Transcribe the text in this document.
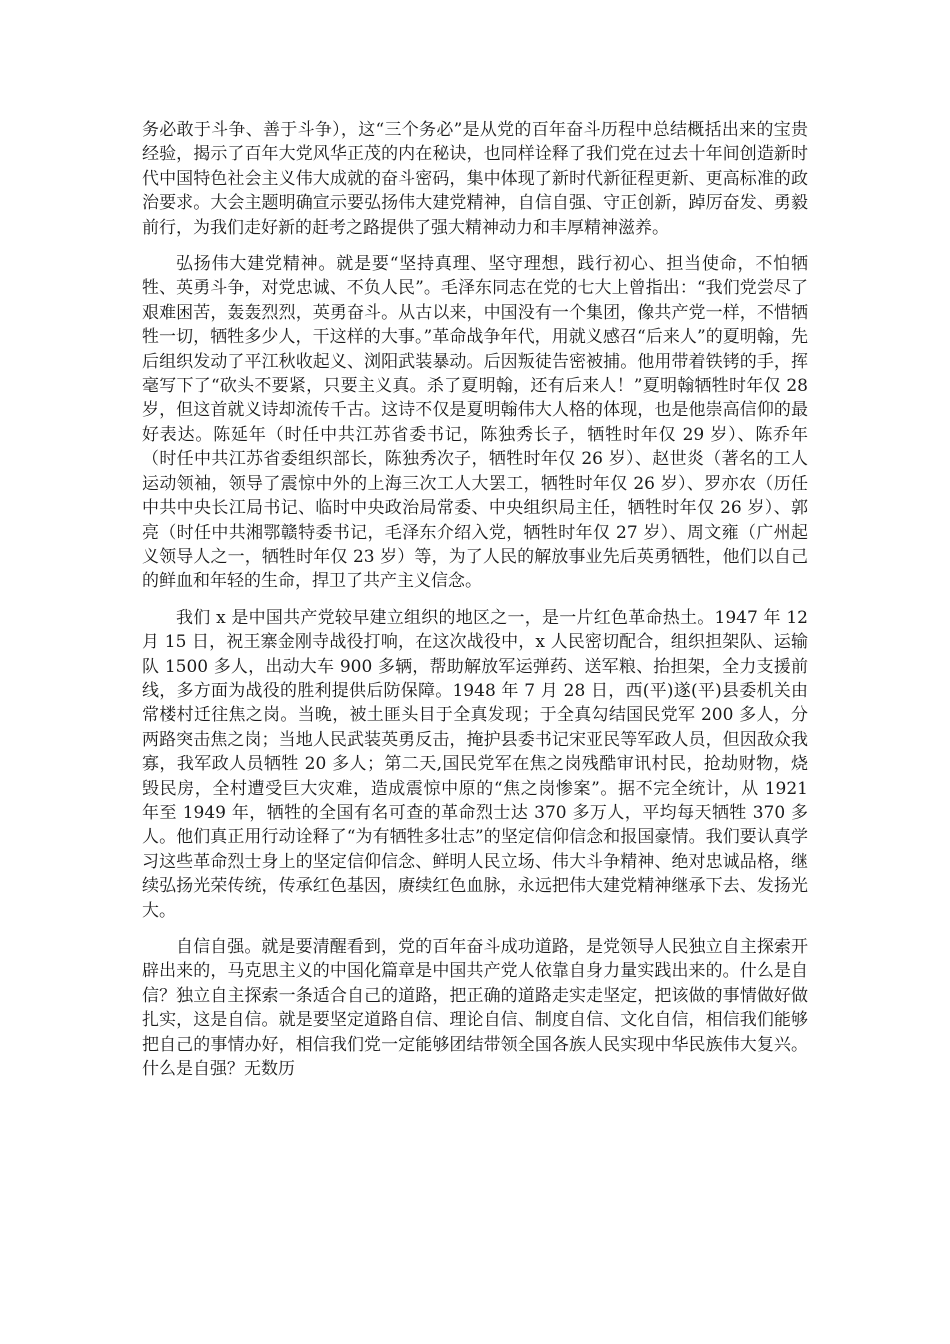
务必敢于斗争、善于斗争），这“三个务必”是从党的百年奋斗历程中总结概括出来的宝贵经验，揭示了百年大党风华正茂的内在秘诀，也同样诠释了我们党在过去十年间创造新时代中国特色社会主义伟大成就的奋斗密码，集中体现了新时代新征程更新、更高标准的政治要求。大会主题明确宣示要弘扬伟大建党精神，自信自强、守正创新，踔厉奋发、勇毅前行，为我们走好新的赶考之路提供了强大精神动力和丰厚精神滋养。

弘扬伟大建党精神。就是要“坚持真理、坚守理想，践行初心、担当使命，不怕牺牲、英勇斗争，对党忠诚、不负人民”。毛泽东同志在党的七大上曾指出：“我们党尝尽了艰难困苦，轰轰烈烈，英勇奋斗。从古以来，中国没有一个集团，像共产党一样，不惜牺牲一切，牺牲多少人，干这样的大事。”革命战争年代，用就义感召“后来人”的夏明翰，先后组织发动了平江秋收起义、浏阳武装暴动。后因叛徒告密被捕。他用带着铁铐的手，挥毫写下了“砍头不要紧，只要主义真。杀了夏明翰，还有后来人！”夏明翰牺牲时年仅 28 岁，但这首就义诗却流传千古。这诗不仅是夏明翰伟大人格的体现，也是他崇高信仰的最好表达。陈延年（时任中共江苏省委书记，陈独秀长子，牺牲时年仅 29 岁）、陈乔年（时任中共江苏省委组织部长，陈独秀次子，牺牲时年仅 26 岁）、赵世炎（著名的工人运动领袖，领导了震惊中外的上海三次工人大罢工，牺牲时年仅 26 岁）、罗亦农（历任中共中央长江局书记、临时中央政治局常委、中央组织局主任，牺牲时年仅 26 岁）、郭亮（时任中共湘鄂赣特委书记，毛泽东介绍入党，牺牲时年仅 27 岁）、周文雍（广州起义领导人之一，牺牲时年仅 23 岁）等，为了人民的解放事业先后英勇牺牲，他们以自己的鲜血和年轻的生命，捍卫了共产主义信念。

我们 x 是中国共产党较早建立组织的地区之一，是一片红色革命热土。1947 年 12 月 15 日，祝王寨金刚寺战役打响，在这次战役中，x 人民密切配合，组织担架队、运输队 1500 多人，出动大车 900 多辆，帮助解放军运弹药、送军粮、抬担架，全力支援前线，多方面为战役的胜利提供后防保障。1948 年 7 月 28 日，西(平)遂(平)县委机关由常楼村迁往焦之岗。当晚，被土匪头目于全真发现；于全真勾结国民党军 200 多人，分两路突击焦之岗；当地人民武装英勇反击，掩护县委书记宋亚民等军政人员，但因敌众我寡，我军政人员牺牲 20 多人；第二天,国民党军在焦之岗残酷审讯村民，抢劫财物，烧毁民房，全村遭受巨大灾难，造成震惊中原的“焦之岗惨案”。据不完全统计，从 1921 年至 1949 年，牺牲的全国有名可查的革命烈士达 370 多万人，平均每天牺牲 370 多人。他们真正用行动诠释了“为有牺牲多壮志”的坚定信仰信念和报国豪情。我们要认真学习这些革命烈士身上的坚定信仰信念、鲜明人民立场、伟大斗争精神、绝对忠诚品格，继续弘扬光荣传统，传承红色基因，赓续红色血脉，永远把伟大建党精神继承下去、发扬光大。

自信自强。就是要清醒看到，党的百年奋斗成功道路，是党领导人民独立自主探索开辟出来的，马克思主义的中国化篇章是中国共产党人依靠自身力量实践出来的。什么是自信？独立自主探索一条适合自己的道路，把正确的道路走实走坚定，把该做的事情做好做扎实，这是自信。就是要坚定道路自信、理论自信、制度自信、文化自信，相信我们能够把自己的事情办好，相信我们党一定能够团结带领全国各族人民实现中华民族伟大复兴。什么是自强？无数历
